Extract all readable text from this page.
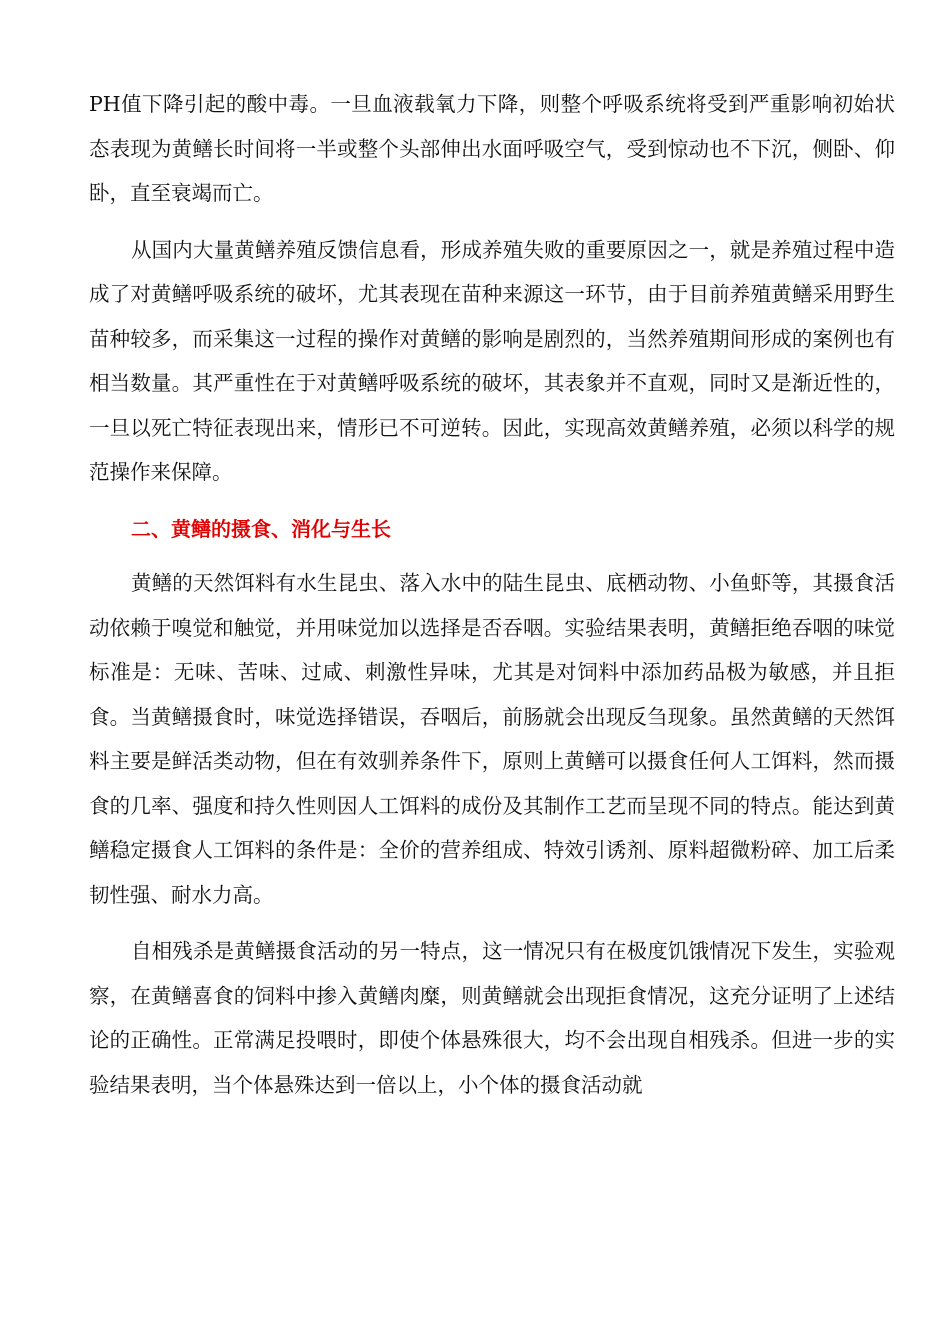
PH值下降引起的酸中毒。一旦血液载氧力下降，则整个呼吸系统将受到严重影响初始状态表现为黄鳝长时间将一半或整个头部伸出水面呼吸空气，受到惊动也不下沉，侧卧、仰卧，直至衰竭而亡。

从国内大量黄鳝养殖反馈信息看，形成养殖失败的重要原因之一，就是养殖过程中造成了对黄鳝呼吸系统的破坏，尤其表现在苗种来源这一环节，由于目前养殖黄鳝采用野生苗种较多，而采集这一过程的操作对黄鳝的影响是剧烈的，当然养殖期间形成的案例也有相当数量。其严重性在于对黄鳝呼吸系统的破坏，其表象并不直观，同时又是渐近性的，一旦以死亡特征表现出来，情形已不可逆转。因此，实现高效黄鳝养殖，必须以科学的规范操作来保障。

二、黄鳝的摄食、消化与生长

黄鳝的天然饵料有水生昆虫、落入水中的陆生昆虫、底栖动物、小鱼虾等，其摄食活动依赖于嗅觉和触觉，并用味觉加以选择是否吞咽。实验结果表明，黄鳝拒绝吞咽的味觉标准是：无味、苦味、过咸、刺激性异味，尤其是对饲料中添加药品极为敏感，并且拒食。当黄鳝摄食时，味觉选择错误，吞咽后，前肠就会出现反刍现象。虽然黄鳝的天然饵料主要是鲜活类动物，但在有效驯养条件下，原则上黄鳝可以摄食任何人工饵料，然而摄食的几率、强度和持久性则因人工饵料的成份及其制作工艺而呈现不同的特点。能达到黄鳝稳定摄食人工饵料的条件是：全价的营养组成、特效引诱剂、原料超微粉碎、加工后柔韧性强、耐水力高。

自相残杀是黄鳝摄食活动的另一特点，这一情况只有在极度饥饿情况下发生，实验观察，在黄鳝喜食的饲料中掺入黄鳝肉糜，则黄鳝就会出现拒食情况，这充分证明了上述结论的正确性。正常满足投喂时，即使个体悬殊很大，均不会出现自相残杀。但进一步的实验结果表明，当个体悬殊达到一倍以上，小个体的摄食活动就
